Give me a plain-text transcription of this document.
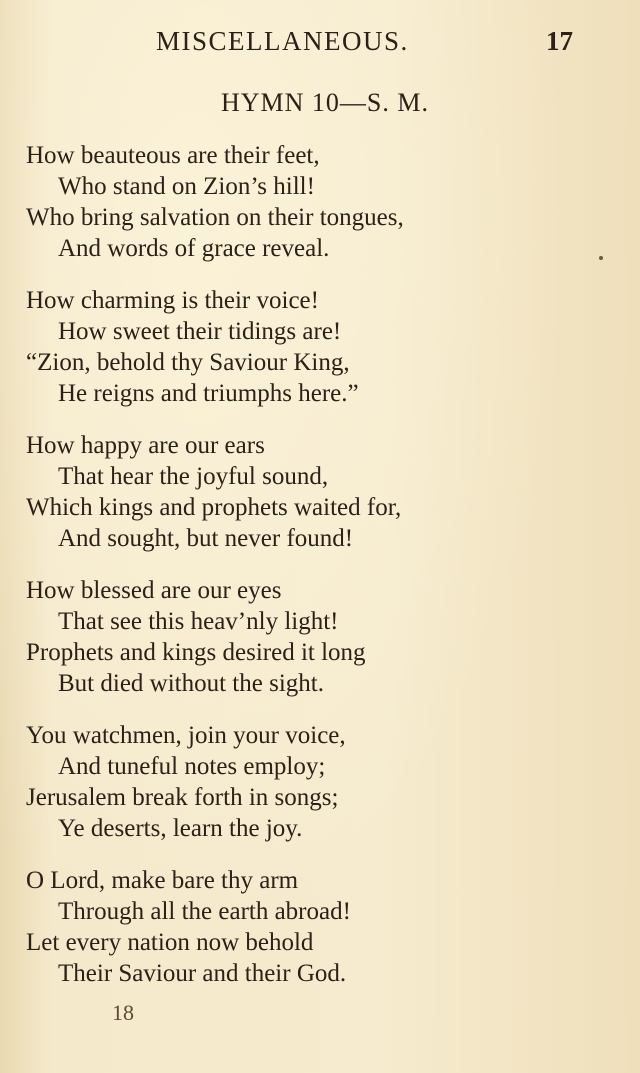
MISCELLANEOUS.	17
HYMN 10—S. M.
How beauteous are their feet,
Who stand on Zion’s hill!
Who bring salvation on their tongues,
And words of grace reveal.
How charming is their voice!
How sweet their tidings are!
“Zion, behold thy Saviour King,
He reigns and triumphs here.”
How happy are our ears
That hear the joyful sound,
Which kings and prophets waited for,
And sought, but never found!
How blessed are our eyes
That see this heav’nly light!
Prophets and kings desired it long
But died without the sight.
You watchmen, join your voice,
And tuneful notes employ;
Jerusalem break forth in songs;
Ye deserts, learn the joy.
O Lord, make bare thy arm
Through all the earth abroad!
Let every nation now behold
Their Saviour and their God.
18
